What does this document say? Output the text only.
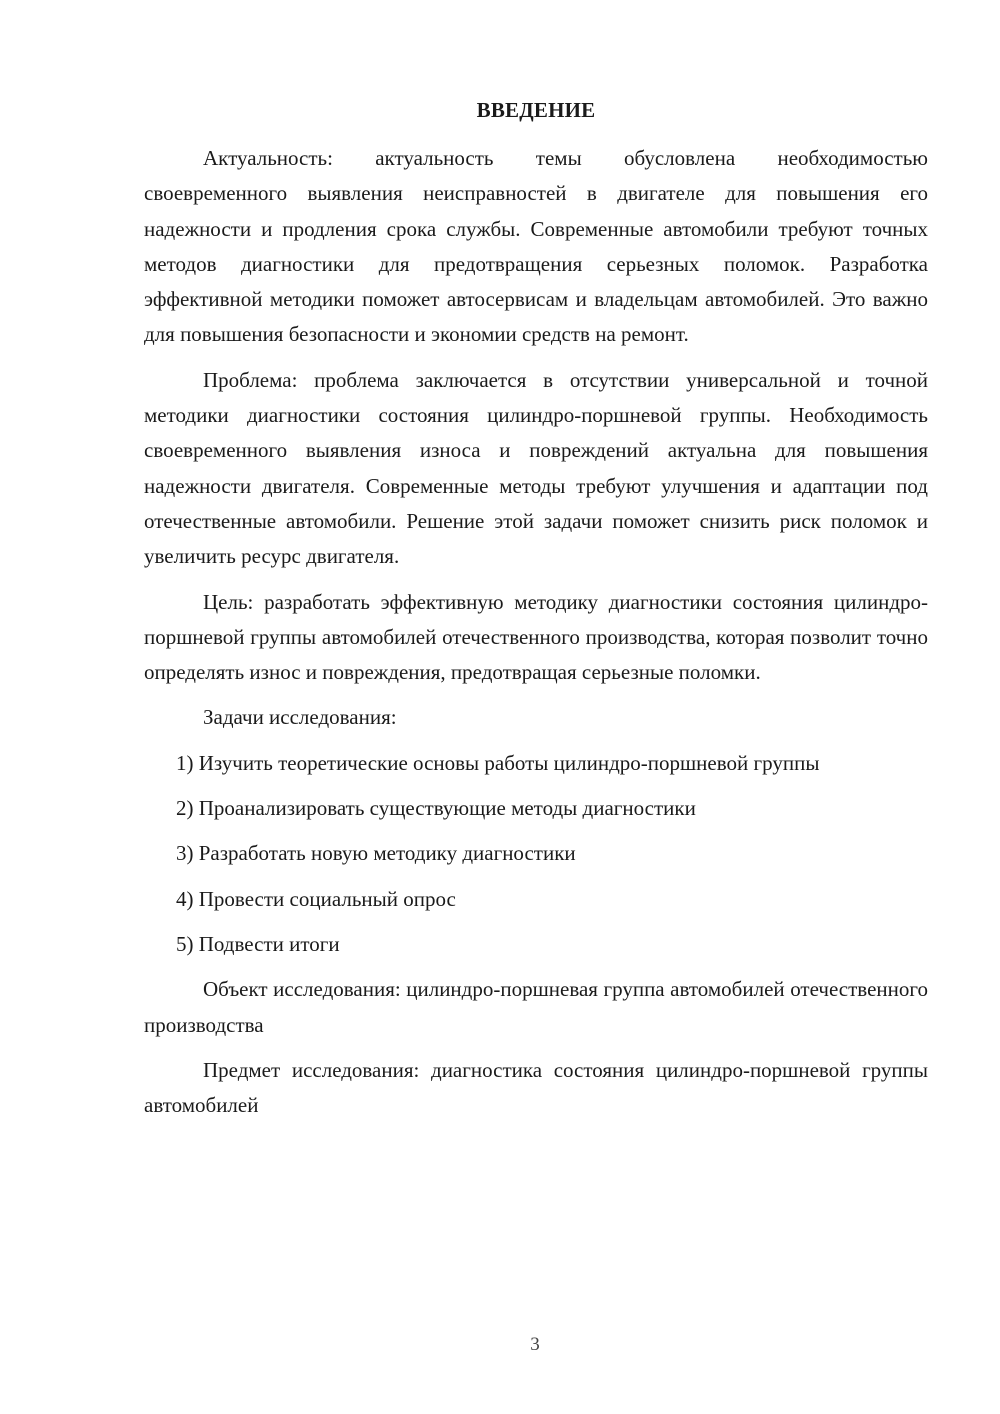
ВВЕДЕНИЕ

Актуальность: актуальность темы обусловлена необходимостью своевременного выявления неисправностей в двигателе для повышения его надежности и продления срока службы. Современные автомобили требуют точных методов диагностики для предотвращения серьезных поломок. Разработка эффективной методики поможет автосервисам и владельцам автомобилей. Это важно для повышения безопасности и экономии средств на ремонт.

Проблема: проблема заключается в отсутствии универсальной и точной методики диагностики состояния цилиндро-поршневой группы. Необходимость своевременного выявления износа и повреждений актуальна для повышения надежности двигателя. Современные методы требуют улучшения и адаптации под отечественные автомобили. Решение этой задачи поможет снизить риск поломок и увеличить ресурс двигателя.

Цель: разработать эффективную методику диагностики состояния цилиндро-поршневой группы автомобилей отечественного производства, которая позволит точно определять износ и повреждения, предотвращая серьезные поломки.

Задачи исследования:

1) Изучить теоретические основы работы цилиндро-поршневой группы

2) Проанализировать существующие методы диагностики

3) Разработать новую методику диагностики

4) Провести социальный опрос

5) Подвести итоги

Объект исследования: цилиндро-поршневая группа автомобилей отечественного производства

Предмет исследования: диагностика состояния цилиндро-поршневой группы автомобилей

3
